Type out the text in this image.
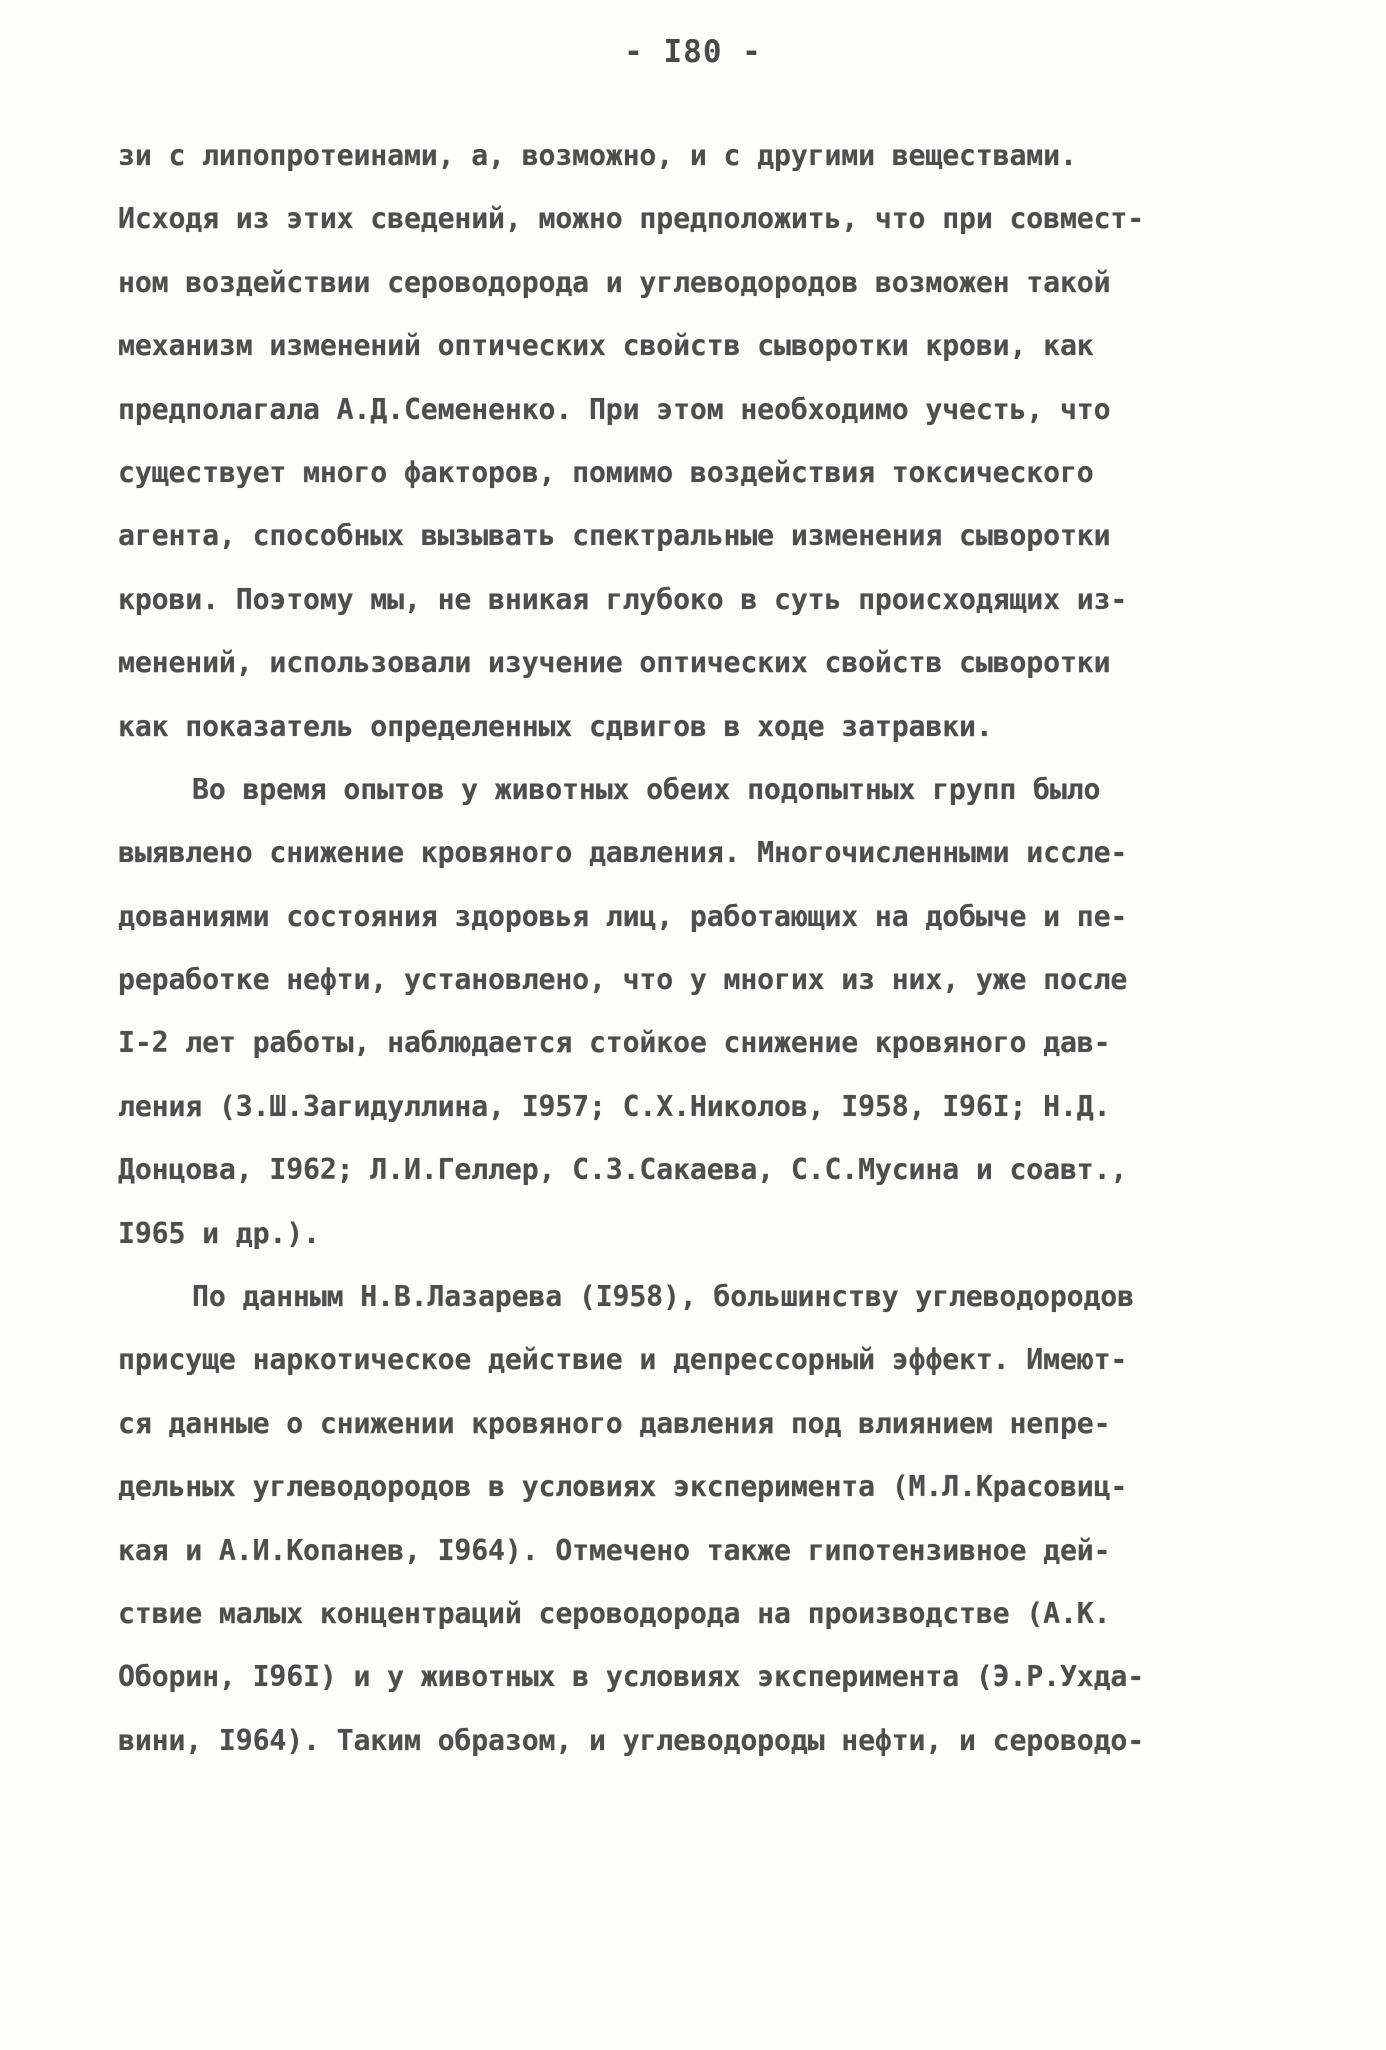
- I80 -
зи с липопротеинами, а, возможно, и с другими веществами.
Исходя из этих сведений, можно предположить, что при совмест-
ном воздействии сероводорода и углеводородов возможен такой
механизм изменений оптических свойств сыворотки крови, как
предполагала А.Д.Семененко. При этом необходимо учесть, что
существует много факторов, помимо воздействия токсического
агента, способных вызывать спектральные изменения сыворотки
крови. Поэтому мы, не вникая глубоко в суть происходящих из-
менений, использовали изучение оптических свойств сыворотки
как показатель определенных сдвигов в ходе затравки.
Во время опытов у животных обеих подопытных групп было
выявлено снижение кровяного давления. Многочисленными иссле-
дованиями состояния здоровья лиц, работающих на добыче и пе-
реработке нефти, установлено, что у многих из них, уже после
I-2 лет работы, наблюдается стойкое снижение кровяного дав-
ления (З.Ш.Загидуллина, I957; С.Х.Николов, I958, I96I; Н.Д.
Донцова, I962; Л.И.Геллер, С.З.Сакаева, С.С.Мусина и соавт.,
I965 и др.).
По данным Н.В.Лазарева (I958), большинству углеводородов
присуще наркотическое действие и депрессорный эффект. Имеют-
ся данные о снижении кровяного давления под влиянием непре-
дельных углеводородов в условиях эксперимента (М.Л.Красовиц-
кая и А.И.Копанев, I964). Отмечено также гипотензивное дей-
ствие малых концентраций сероводорода на производстве (А.К.
Оборин, I96I) и у животных в условиях эксперимента (Э.Р.Ухда-
вини, I964). Таким образом, и углеводороды нефти, и сероводо-
